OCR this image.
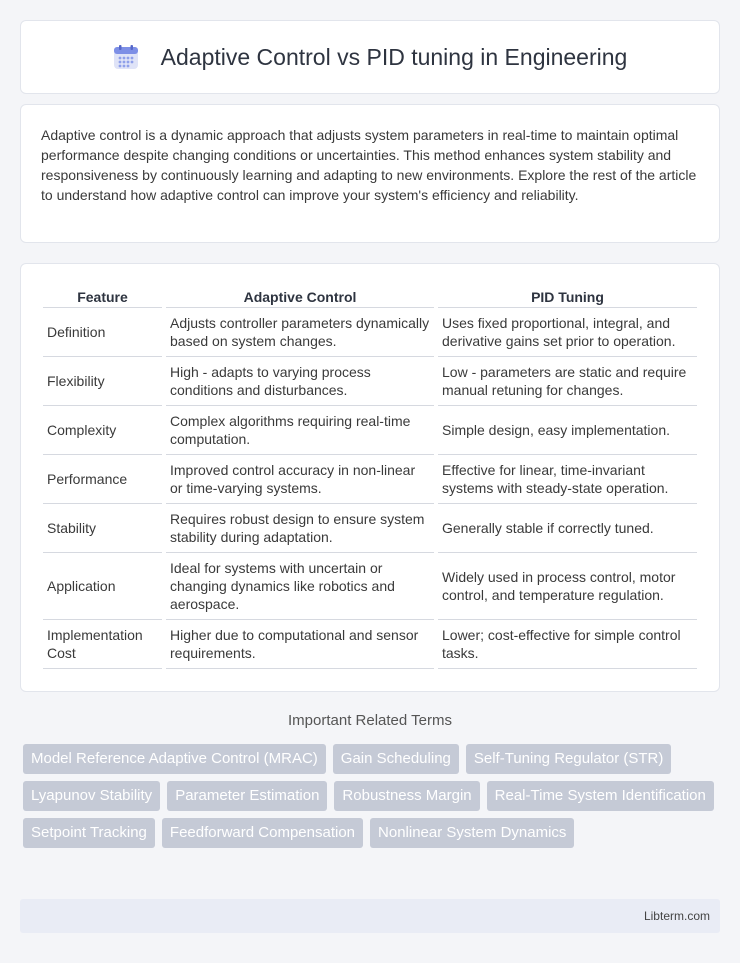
Adaptive Control vs PID tuning in Engineering

Adaptive control is a dynamic approach that adjusts system parameters in real-time to maintain optimal performance despite changing conditions or uncertainties. This method enhances system stability and responsiveness by continuously learning and adapting to new environments. Explore the rest of the article to understand how adaptive control can improve your system's efficiency and reliability.

Feature	Adaptive Control	PID Tuning
Definition	Adjusts controller parameters dynamically based on system changes.	Uses fixed proportional, integral, and derivative gains set prior to operation.
Flexibility	High - adapts to varying process conditions and disturbances.	Low - parameters are static and require manual retuning for changes.
Complexity	Complex algorithms requiring real-time computation.	Simple design, easy implementation.
Performance	Improved control accuracy in non-linear or time-varying systems.	Effective for linear, time-invariant systems with steady-state operation.
Stability	Requires robust design to ensure system stability during adaptation.	Generally stable if correctly tuned.
Application	Ideal for systems with uncertain or changing dynamics like robotics and aerospace.	Widely used in process control, motor control, and temperature regulation.
Implementation Cost	Higher due to computational and sensor requirements.	Lower; cost-effective for simple control tasks.
Important Related Terms
Model Reference Adaptive Control (MRAC)	Gain Scheduling	Self-Tuning Regulator (STR)
Lyapunov Stability	Parameter Estimation	Robustness Margin	Real-Time System Identification
Setpoint Tracking	Feedforward Compensation	Nonlinear System Dynamics
Libterm.com
